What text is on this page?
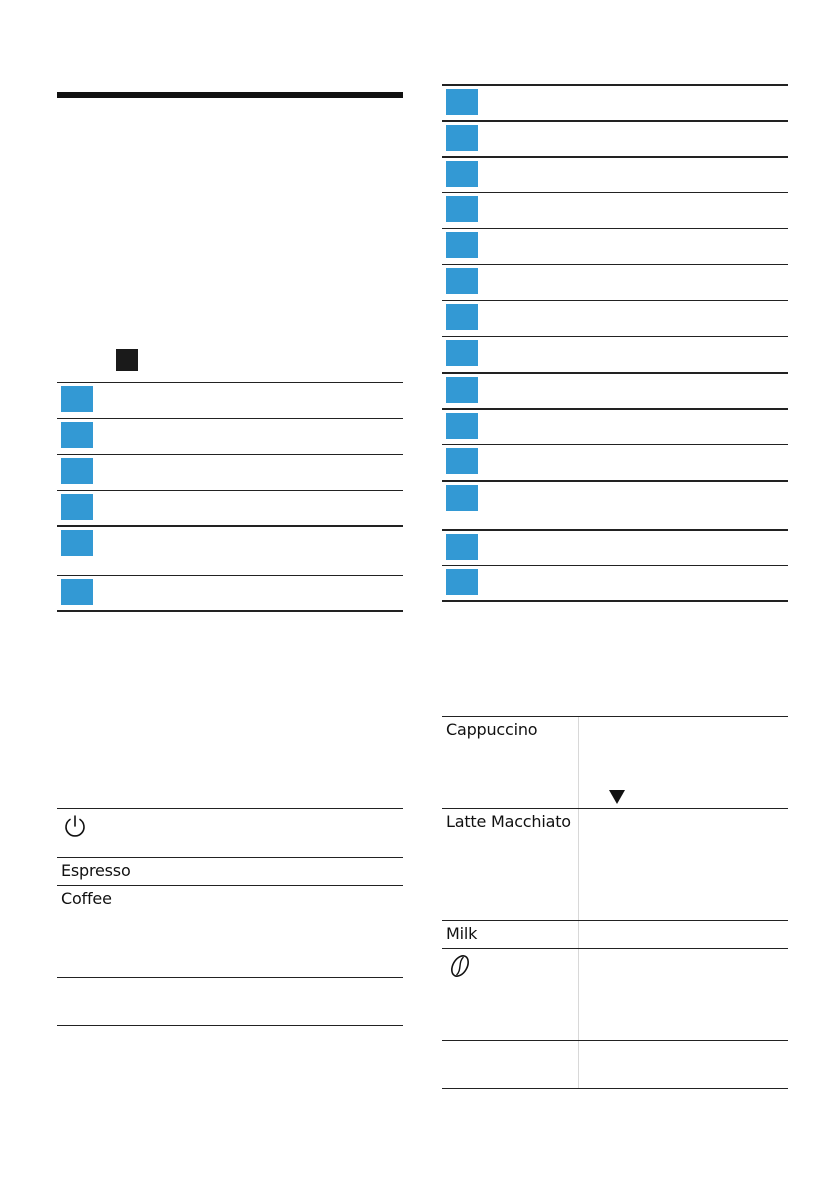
Espresso
Coffee
Cappuccino
Latte Macchiato
Milk
